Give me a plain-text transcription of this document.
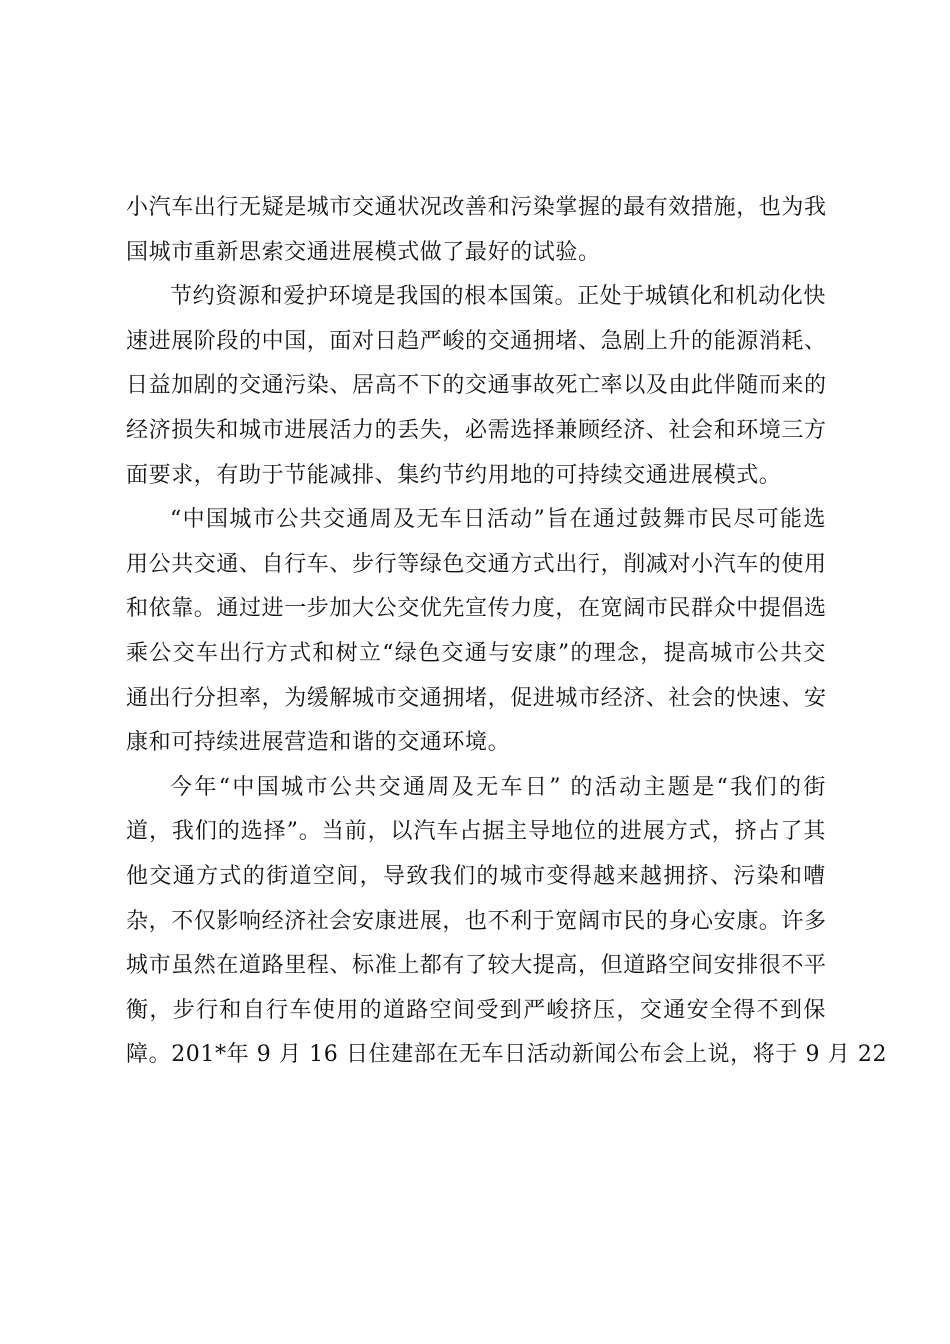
小汽车出行无疑是城市交通状况改善和污染掌握的最有效措施，也为我
国城市重新思索交通进展模式做了最好的试验。
节约资源和爱护环境是我国的根本国策。正处于城镇化和机动化快
速进展阶段的中国，面对日趋严峻的交通拥堵、急剧上升的能源消耗、
日益加剧的交通污染、居高不下的交通事故死亡率以及由此伴随而来的
经济损失和城市进展活力的丢失，必需选择兼顾经济、社会和环境三方
面要求，有助于节能减排、集约节约用地的可持续交通进展模式。
“中国城市公共交通周及无车日活动”旨在通过鼓舞市民尽可能选
用公共交通、自行车、步行等绿色交通方式出行，削减对小汽车的使用
和依靠。通过进一步加大公交优先宣传力度，在宽阔市民群众中提倡选
乘公交车出行方式和树立“绿色交通与安康”的理念，提高城市公共交
通出行分担率，为缓解城市交通拥堵，促进城市经济、社会的快速、安
康和可持续进展营造和谐的交通环境。
今年“中国城市公共交通周及无车日” 的活动主题是“我们的街
道，我们的选择”。当前，以汽车占据主导地位的进展方式，挤占了其
他交通方式的街道空间，导致我们的城市变得越来越拥挤、污染和嘈
杂，不仅影响经济社会安康进展，也不利于宽阔市民的身心安康。许多
城市虽然在道路里程、标准上都有了较大提高，但道路空间安排很不平
衡，步行和自行车使用的道路空间受到严峻挤压，交通安全得不到保
障。201*年 9 月 16 日住建部在无车日活动新闻公布会上说，将于 9 月 22
